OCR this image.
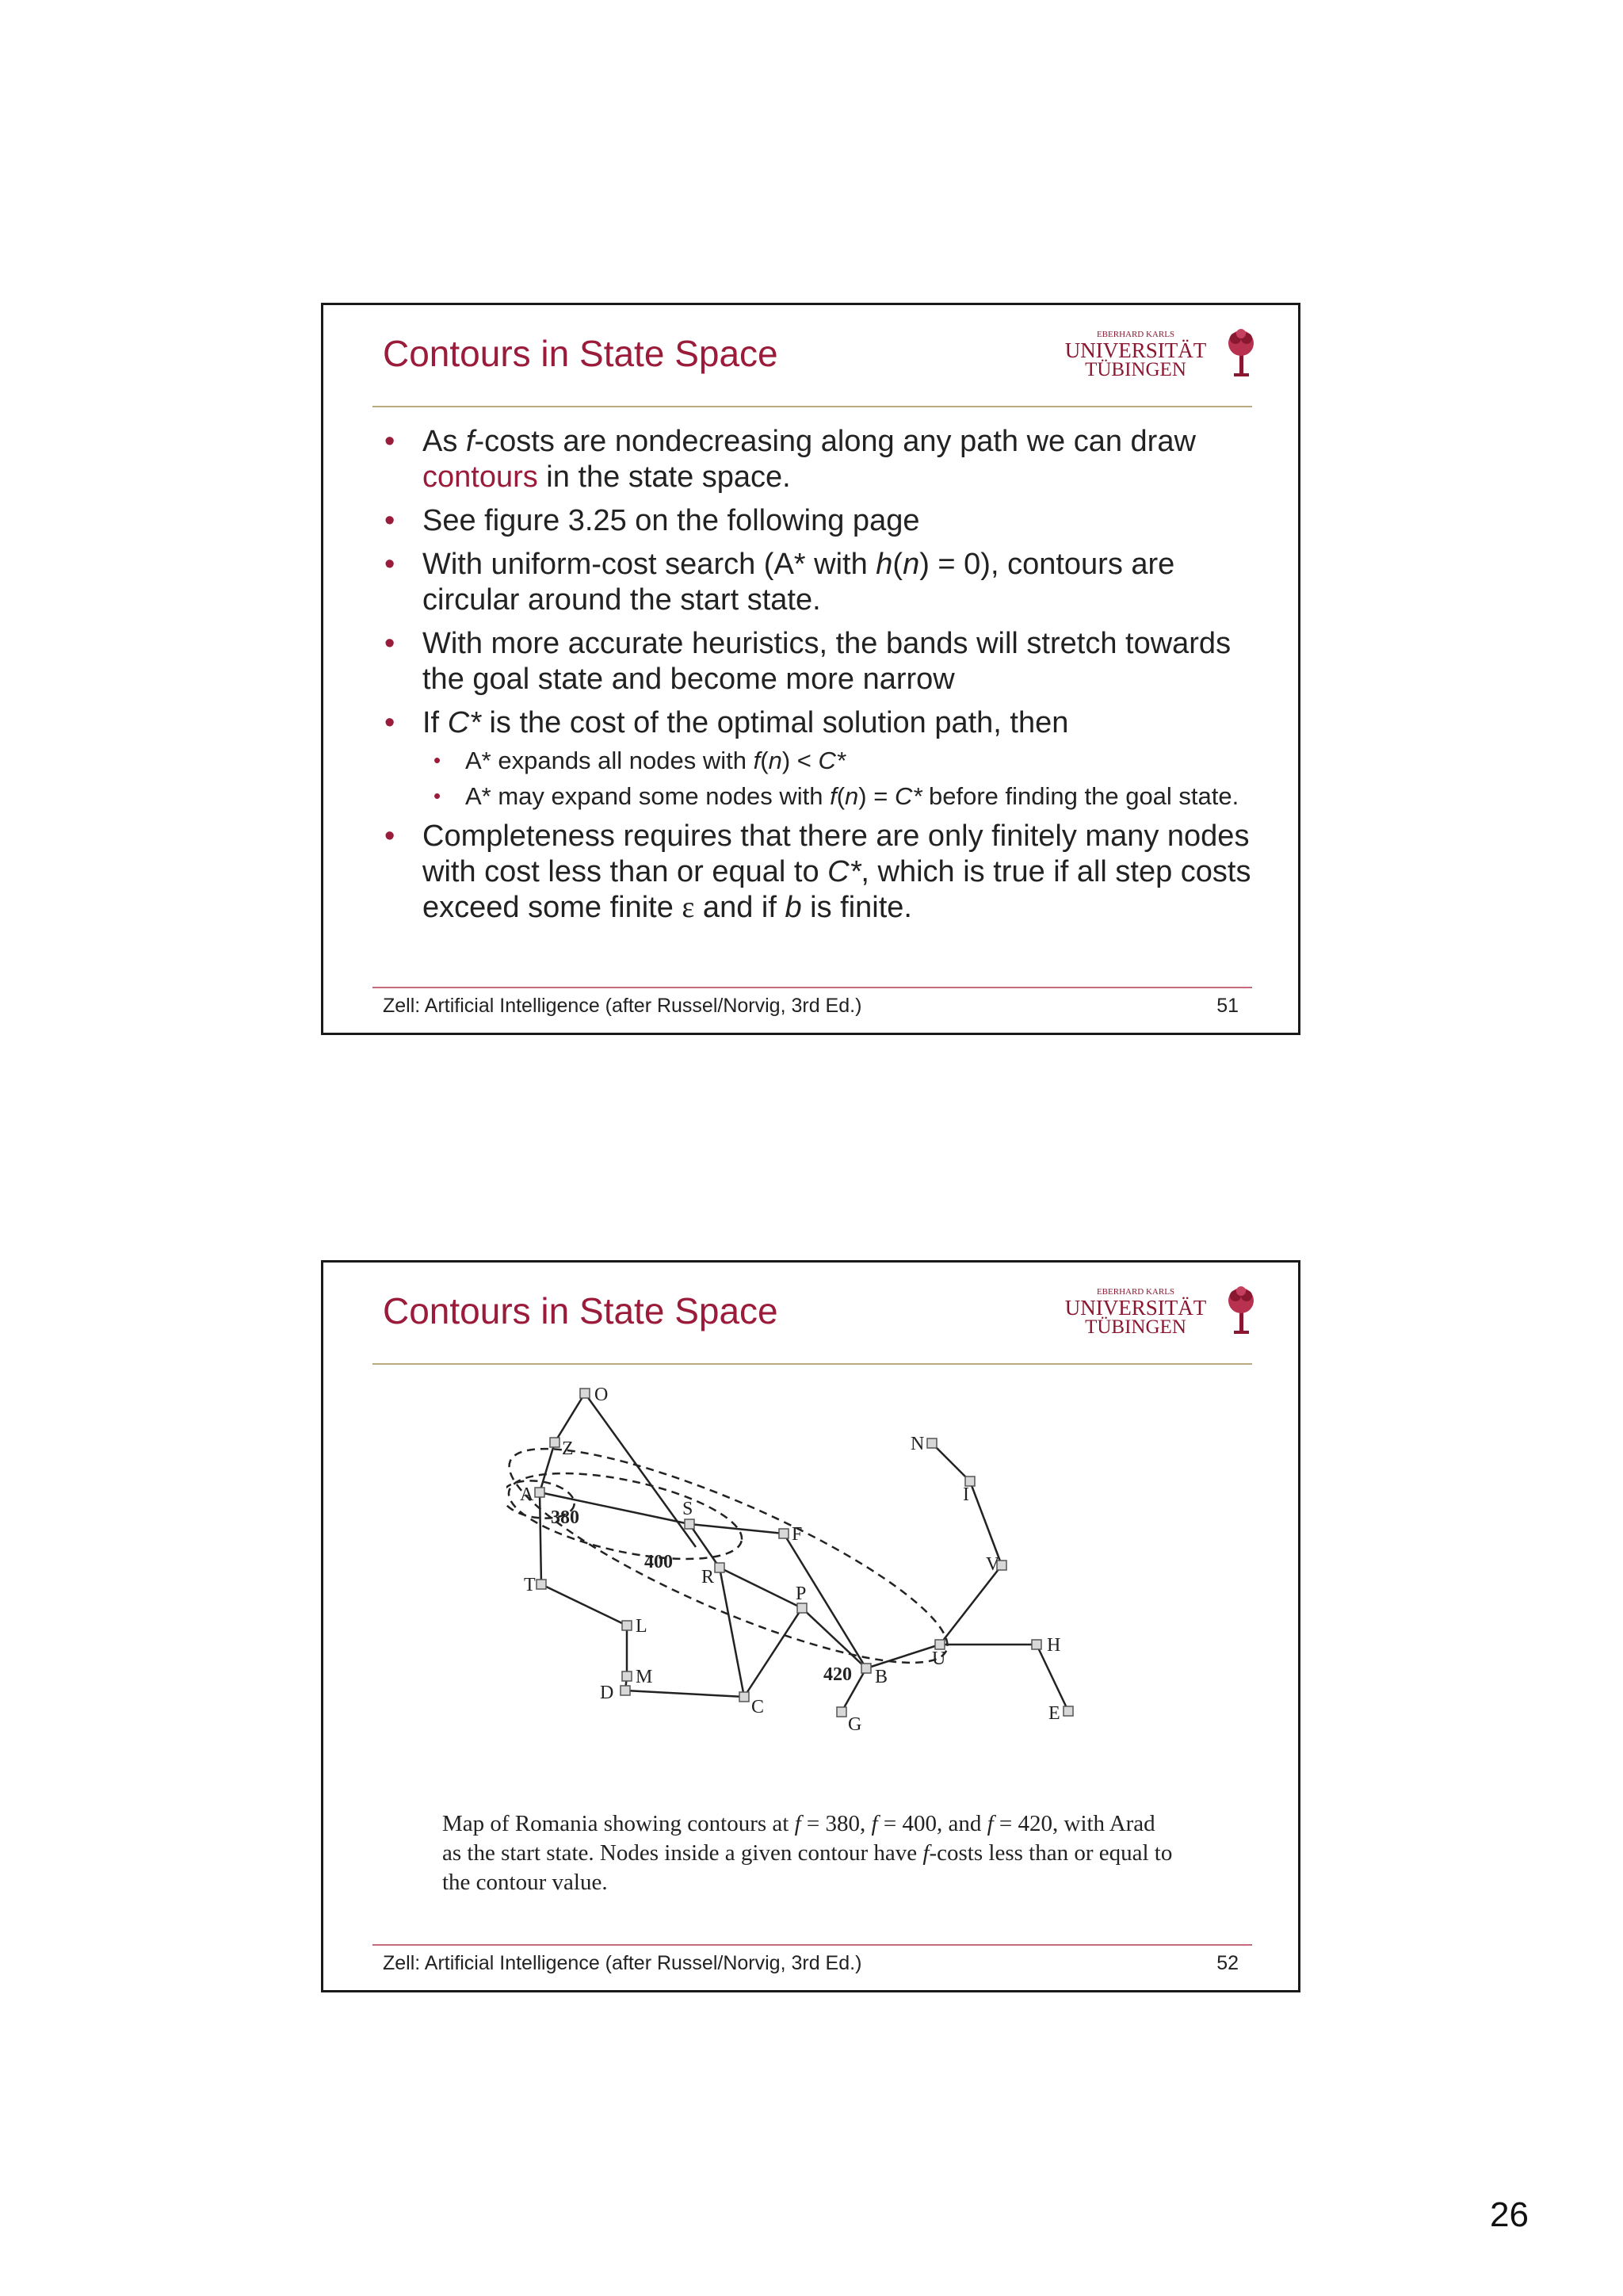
Contours in State Space	EBERHARD KARLS
UNIVERSITÄT
TÜBINGEN
• As f-costs are nondecreasing along any path we can draw contours in the state space.
• See figure 3.25 on the following page
• With uniform-cost search (A* with h(n) = 0), contours are circular around the start state.
• With more accurate heuristics, the bands will stretch towards the goal state and become more narrow
• If C* is the cost of the optimal solution path, then
• A* expands all nodes with f(n) < C*
• A* may expand some nodes with f(n) = C* before finding the goal state.
• Completeness requires that there are only finitely many nodes with cost less than or equal to C*, which is true if all step costs exceed some finite ε and if b is finite.
Zell: Artificial Intelligence (after Russel/Norvig, 3rd Ed.)	51
Contours in State Space	EBERHARD KARLS
UNIVERSITÄT
TÜBINGEN
O
Z
A
S
F
R
T
L
M
D
C
P
B
G
U
H
E
N
I
V
380
400
420

Map of Romania showing contours at f = 380, f = 400, and f = 420, with Arad as the start state. Nodes inside a given contour have f-costs less than or equal to the contour value.

Zell: Artificial Intelligence (after Russel/Norvig, 3rd Ed.)	52
26
